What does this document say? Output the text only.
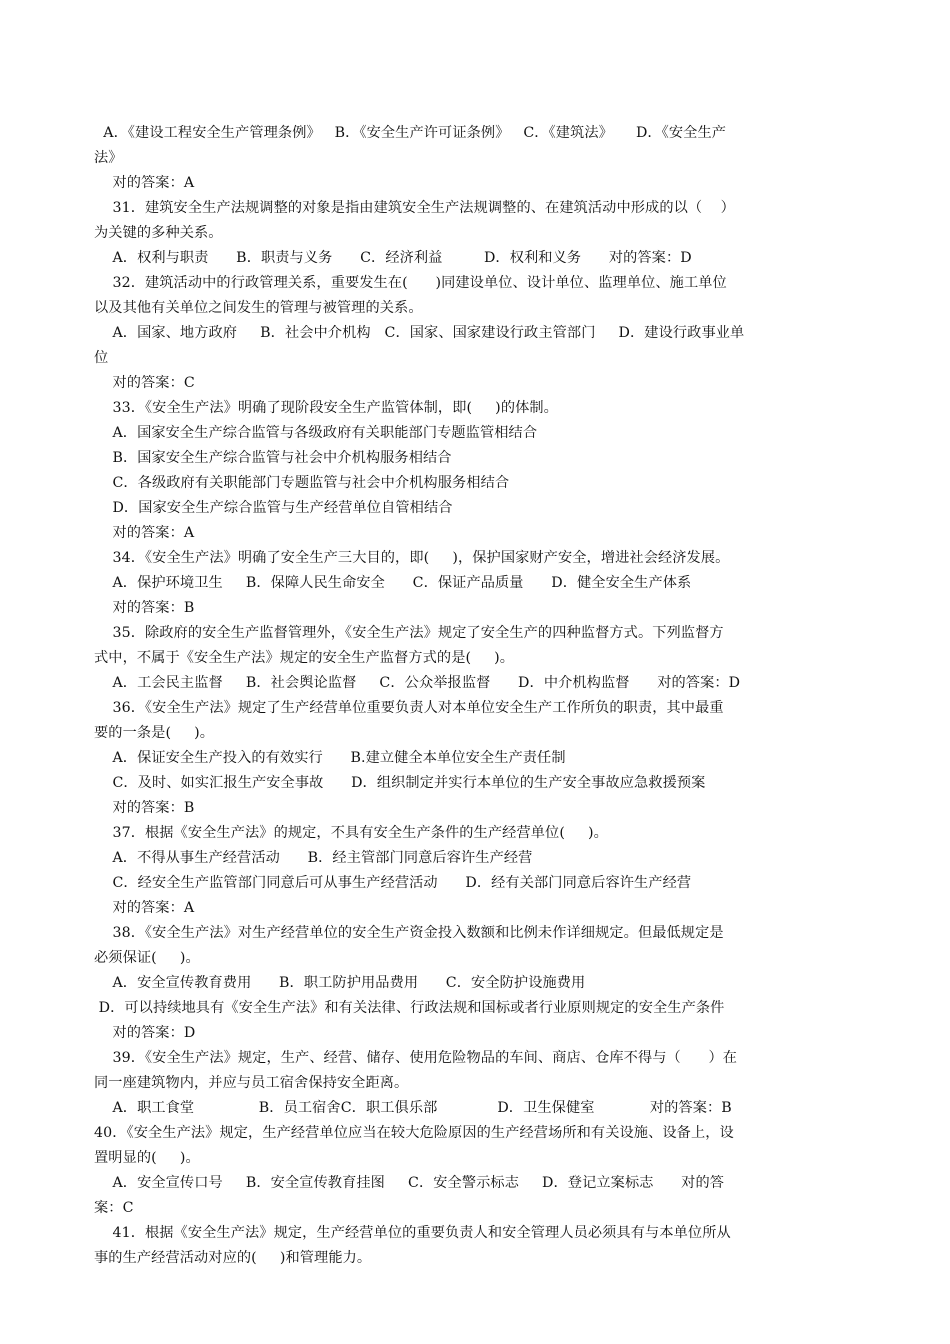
A．《建设工程安全生产管理条例》   B．《安全生产许可证条例》   C．《建筑法》     D．《安全生产
法》
对的答案：A
31．建筑安全生产法规调整的对象是指由建筑安全生产法规调整的、在建筑活动中形成的以（    ）
为关键的多种关系。
A．权利与职责      B．职责与义务      C．经济利益         D．权利和义务      对的答案：D
32．建筑活动中的行政管理关系，重要发生在(      )同建设单位、设计单位、监理单位、施工单位
以及其他有关单位之间发生的管理与被管理的关系。
A．国家、地方政府     B．社会中介机构   C．国家、国家建设行政主管部门     D．建设行政事业单
位
对的答案：C
33．《安全生产法》明确了现阶段安全生产监管体制，即(     )的体制。
A．国家安全生产综合监管与各级政府有关职能部门专题监管相结合
B．国家安全生产综合监管与社会中介机构服务相结合
C．各级政府有关职能部门专题监管与社会中介机构服务相结合
D．国家安全生产综合监管与生产经营单位自管相结合
对的答案：A
34．《安全生产法》明确了安全生产三大目的，即(     )，保护国家财产安全，增进社会经济发展。
A．保护环境卫生     B．保障人民生命安全      C．保证产品质量      D．健全安全生产体系
对的答案：B
35．除政府的安全生产监督管理外，《安全生产法》规定了安全生产的四种监督方式。下列监督方
式中，不属于《安全生产法》规定的安全生产监督方式的是(     )。
A．工会民主监督     B．社会舆论监督     C．公众举报监督      D．中介机构监督      对的答案：D
36．《安全生产法》规定了生产经营单位重要负责人对本单位安全生产工作所负的职责，其中最重
要的一条是(     )。
A．保证安全生产投入的有效实行      B.建立健全本单位安全生产责任制
C．及时、如实汇报生产安全事故      D．组织制定并实行本单位的生产安全事故应急救援预案
对的答案：B
37．根据《安全生产法》的规定，不具有安全生产条件的生产经营单位(     )。
A．不得从事生产经营活动      B．经主管部门同意后容许生产经营
C．经安全生产监管部门同意后可从事生产经营活动      D．经有关部门同意后容许生产经营
对的答案：A
38．《安全生产法》对生产经营单位的安全生产资金投入数额和比例未作详细规定。但最低规定是
必须保证(     )。
A．安全宣传教育费用      B．职工防护用品费用      C．安全防护设施费用
D．可以持续地具有《安全生产法》和有关法律、行政法规和国标或者行业原则规定的安全生产条件
对的答案：D
39．《安全生产法》规定，生产、经营、储存、使用危险物品的车间、商店、仓库不得与（      ）在
同一座建筑物内，并应与员工宿舍保持安全距离。
A．职工食堂              B．员工宿舍C．职工俱乐部             D．卫生保健室            对的答案：B
40．《安全生产法》规定，生产经营单位应当在较大危险原因的生产经营场所和有关设施、设备上，设
置明显的(     )。
A．安全宣传口号     B．安全宣传教育挂图     C．安全警示标志     D．登记立案标志      对的答
案：C
41．根据《安全生产法》规定，生产经营单位的重要负责人和安全管理人员必须具有与本单位所从
事的生产经营活动对应的(     )和管理能力。
